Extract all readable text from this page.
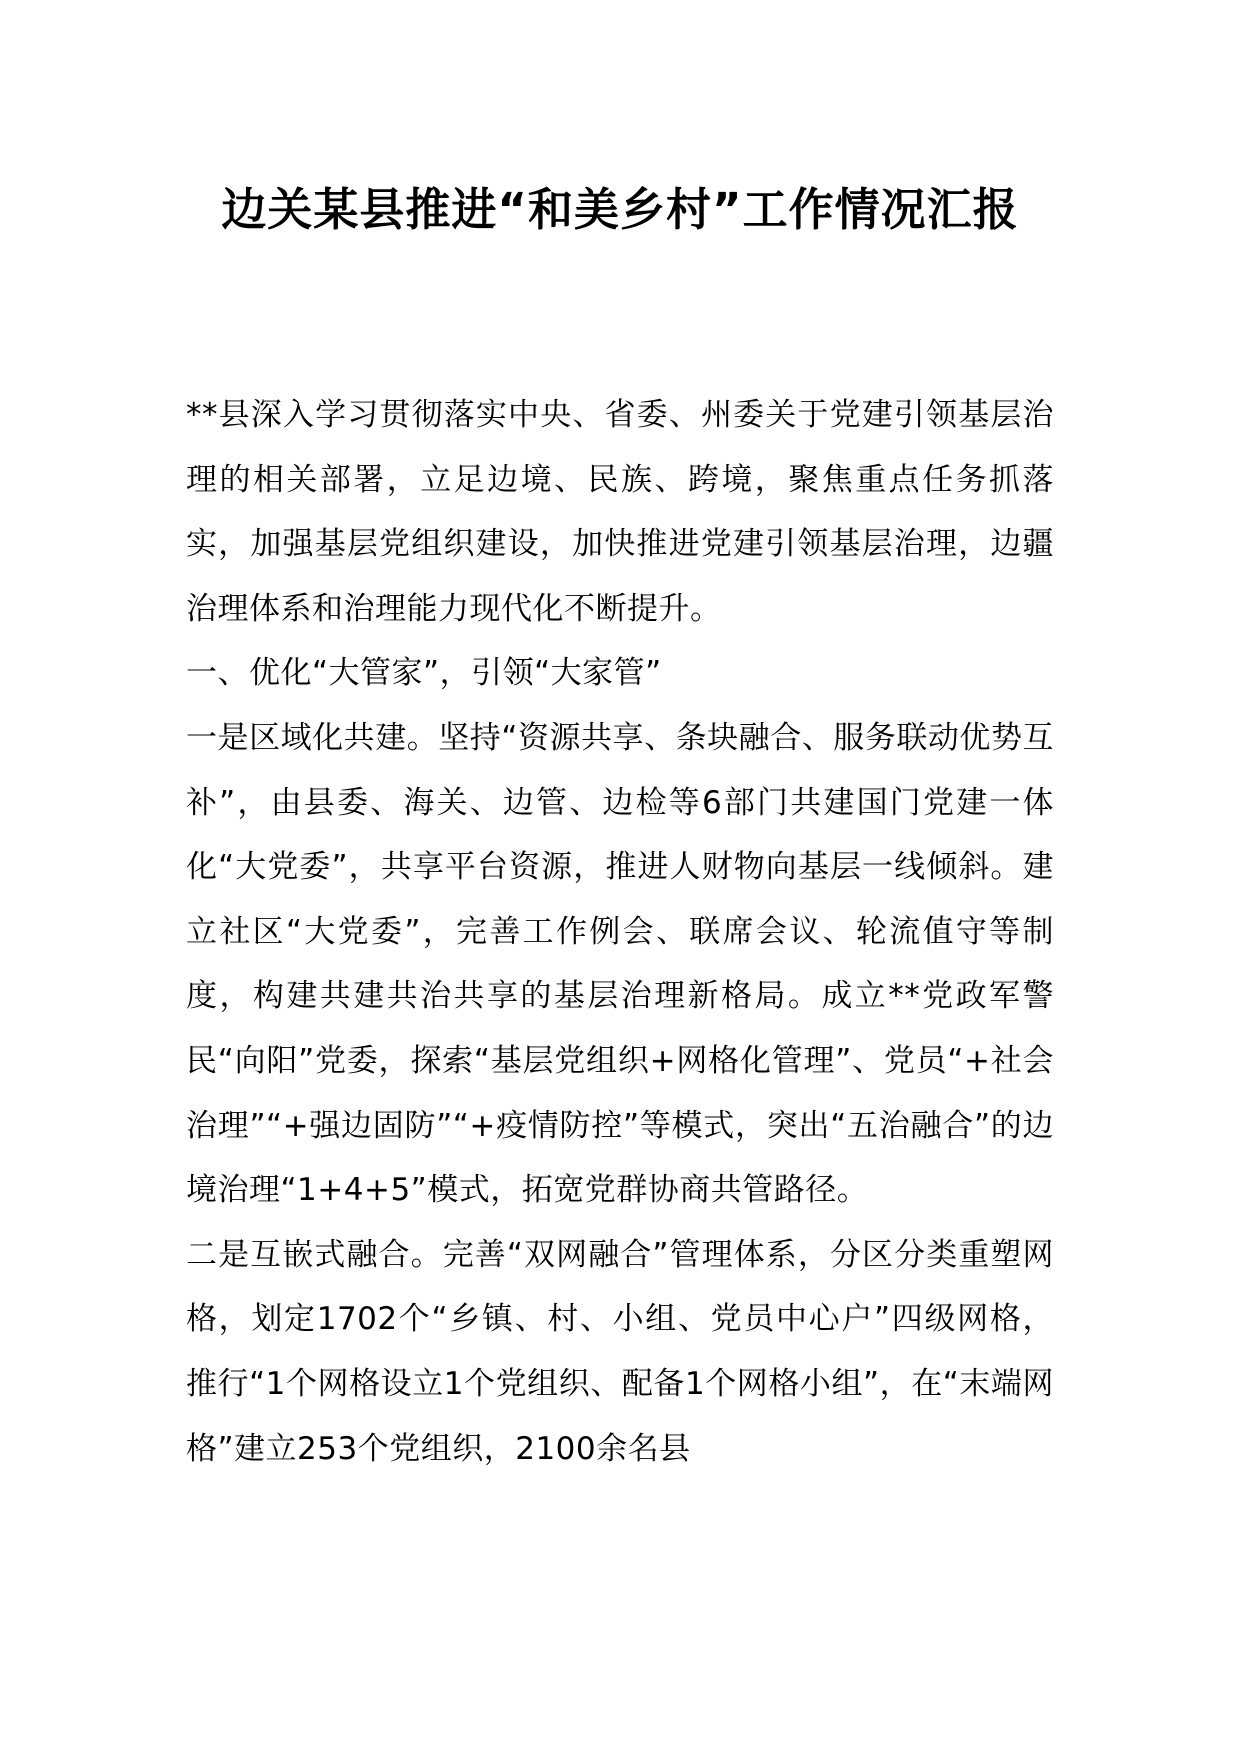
边关某县推进“和美乡村”工作情况汇报

**县深入学习贯彻落实中央、省委、州委关于党建引领基层治理的相关部署，立足边境、民族、跨境，聚焦重点任务抓落实，加强基层党组织建设，加快推进党建引领基层治理，边疆治理体系和治理能力现代化不断提升。

一、优化“大管家”，引领“大家管”

一是区域化共建。坚持“资源共享、条块融合、服务联动优势互补”，由县委、海关、边管、边检等6部门共建国门党建一体化“大党委”，共享平台资源，推进人财物向基层一线倾斜。建立社区“大党委”，完善工作例会、联席会议、轮流值守等制度，构建共建共治共享的基层治理新格局。成立**党政军警民“向阳”党委，探索“基层党组织+网格化管理”、党员“+社会治理”“+强边固防”“+疫情防控”等模式，突出“五治融合”的边境治理“1+4+5”模式，拓宽党群协商共管路径。

二是互嵌式融合。完善“双网融合”管理体系，分区分类重塑网格，划定1702个“乡镇、村、小组、党员中心户”四级网格，推行“1个网格设立1个党组织、配备1个网格小组”，在“末端网格”建立253个党组织，2100余名县
